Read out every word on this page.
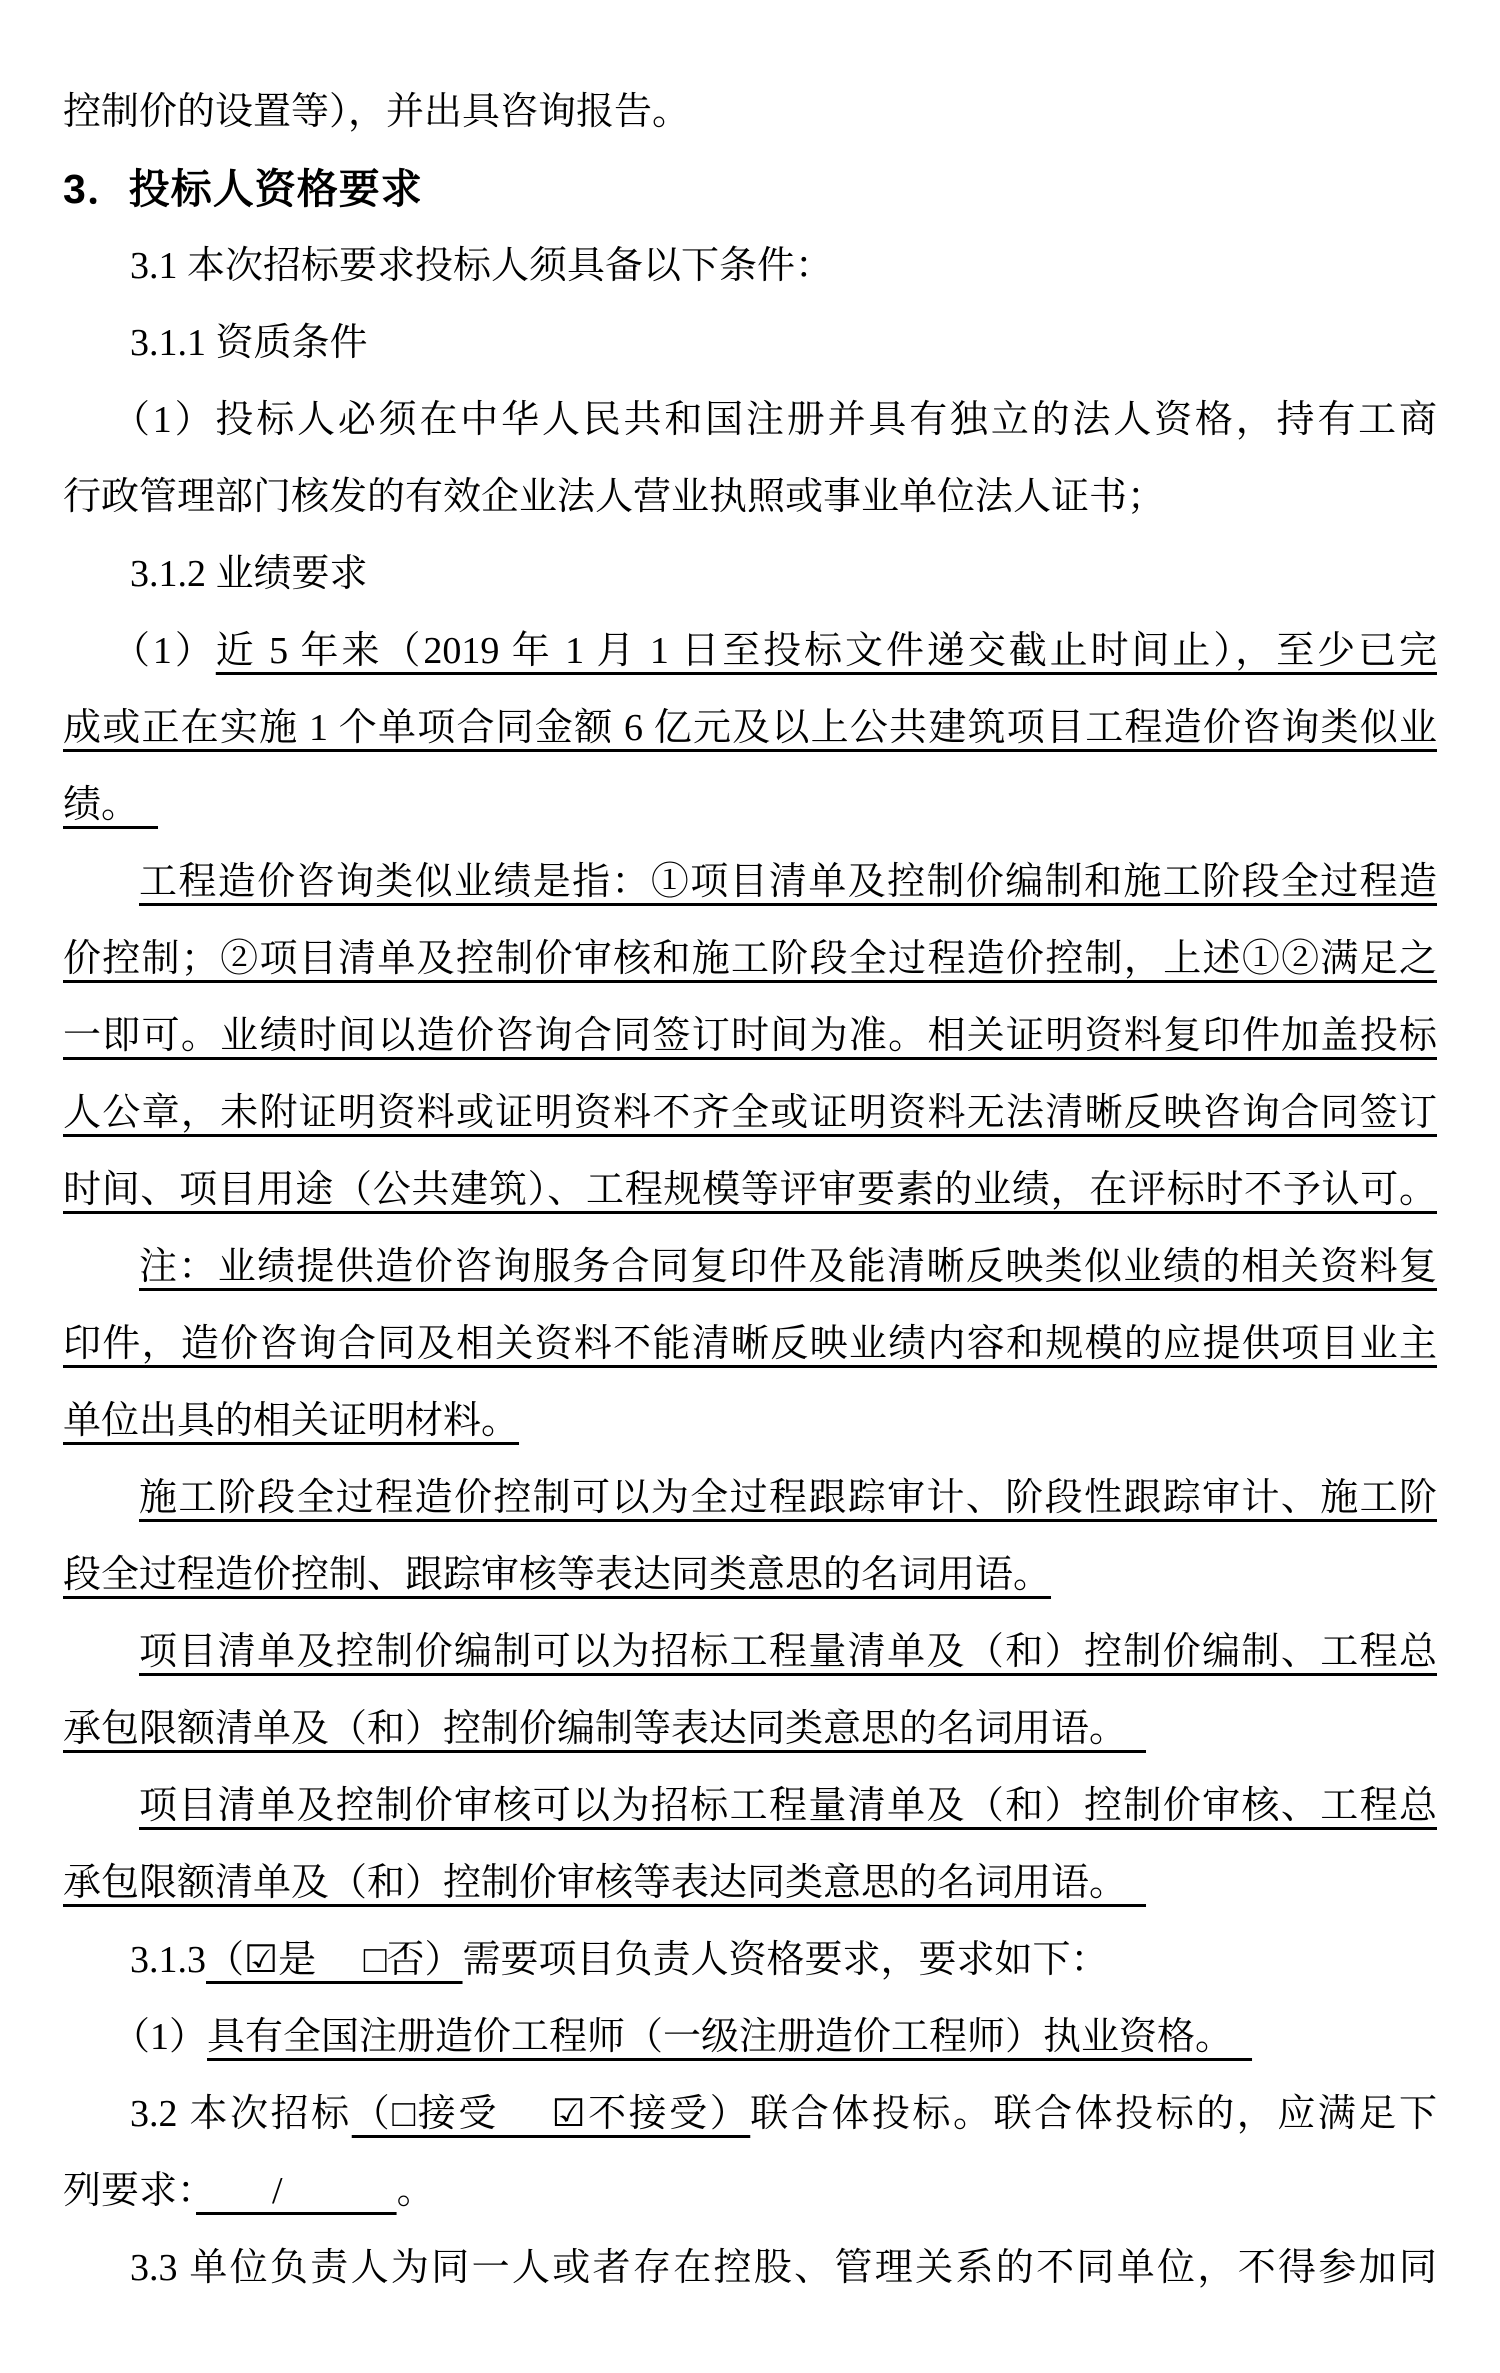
控制价的设置等），并出具咨询报告。
3．投标人资格要求
3.1 本次招标要求投标人须具备以下条件：
3.1.1 资质条件
（1）投标人必须在中华人民共和国注册并具有独立的法人资格，持有工商
行政管理部门核发的有效企业法人营业执照或事业单位法人证书；
3.1.2 业绩要求
（1）近 5 年来（2019 年 1 月 1 日至投标文件递交截止时间止），至少已完
成或正在实施 1 个单项合同金额 6 亿元及以上公共建筑项目工程造价咨询类似业
绩。　
工程造价咨询类似业绩是指：①项目清单及控制价编制和施工阶段全过程造
价控制；②项目清单及控制价审核和施工阶段全过程造价控制，上述①②满足之
一即可。业绩时间以造价咨询合同签订时间为准。相关证明资料复印件加盖投标
人公章，未附证明资料或证明资料不齐全或证明资料无法清晰反映咨询合同签订
时间、项目用途（公共建筑）、工程规模等评审要素的业绩，在评标时不予认可。
注：业绩提供造价咨询服务合同复印件及能清晰反映类似业绩的相关资料复
印件，造价咨询合同及相关资料不能清晰反映业绩内容和规模的应提供项目业主
单位出具的相关证明材料。
施工阶段全过程造价控制可以为全过程跟踪审计、阶段性跟踪审计、施工阶
段全过程造价控制、跟踪审核等表达同类意思的名词用语。
项目清单及控制价编制可以为招标工程量清单及（和）控制价编制、工程总
承包限额清单及（和）控制价编制等表达同类意思的名词用语。　
项目清单及控制价审核可以为招标工程量清单及（和）控制价审核、工程总
承包限额清单及（和）控制价审核等表达同类意思的名词用语。　
3.1.3（☑是　 □否）需要项目负责人资格要求，要求如下：
（1）具有全国注册造价工程师（一级注册造价工程师）执业资格。　
3.2 本次招标（□接受　 ☑不接受）联合体投标。联合体投标的，应满足下
列要求：　　/　　　。
3.3 单位负责人为同一人或者存在控股、管理关系的不同单位，不得参加同
